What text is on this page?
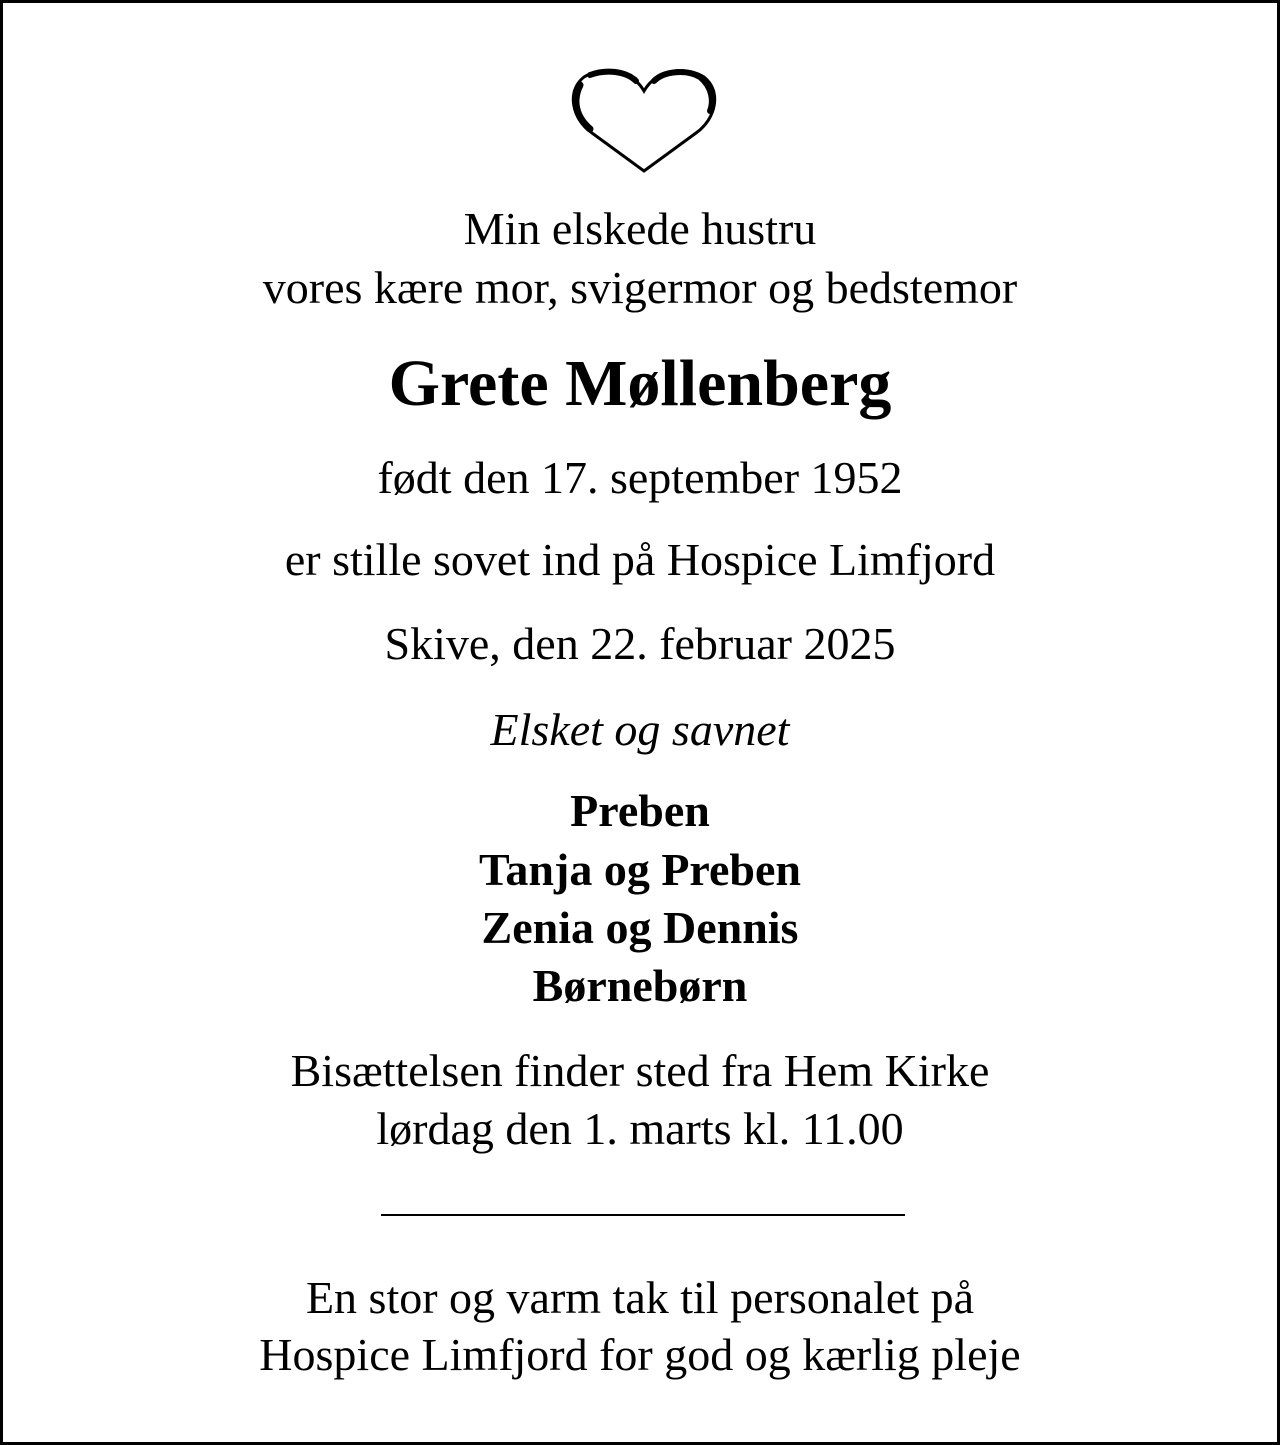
Min elskede hustru
vores kære mor, svigermor og bedstemor
Grete Møllenberg
født den 17. september 1952
er stille sovet ind på Hospice Limfjord
Skive, den 22. februar 2025
Elsket og savnet
Preben
Tanja og Preben
Zenia og Dennis
Børnebørn
Bisættelsen finder sted fra Hem Kirke
lørdag den 1. marts kl. 11.00
En stor og varm tak til personalet på
Hospice Limfjord for god og kærlig pleje
